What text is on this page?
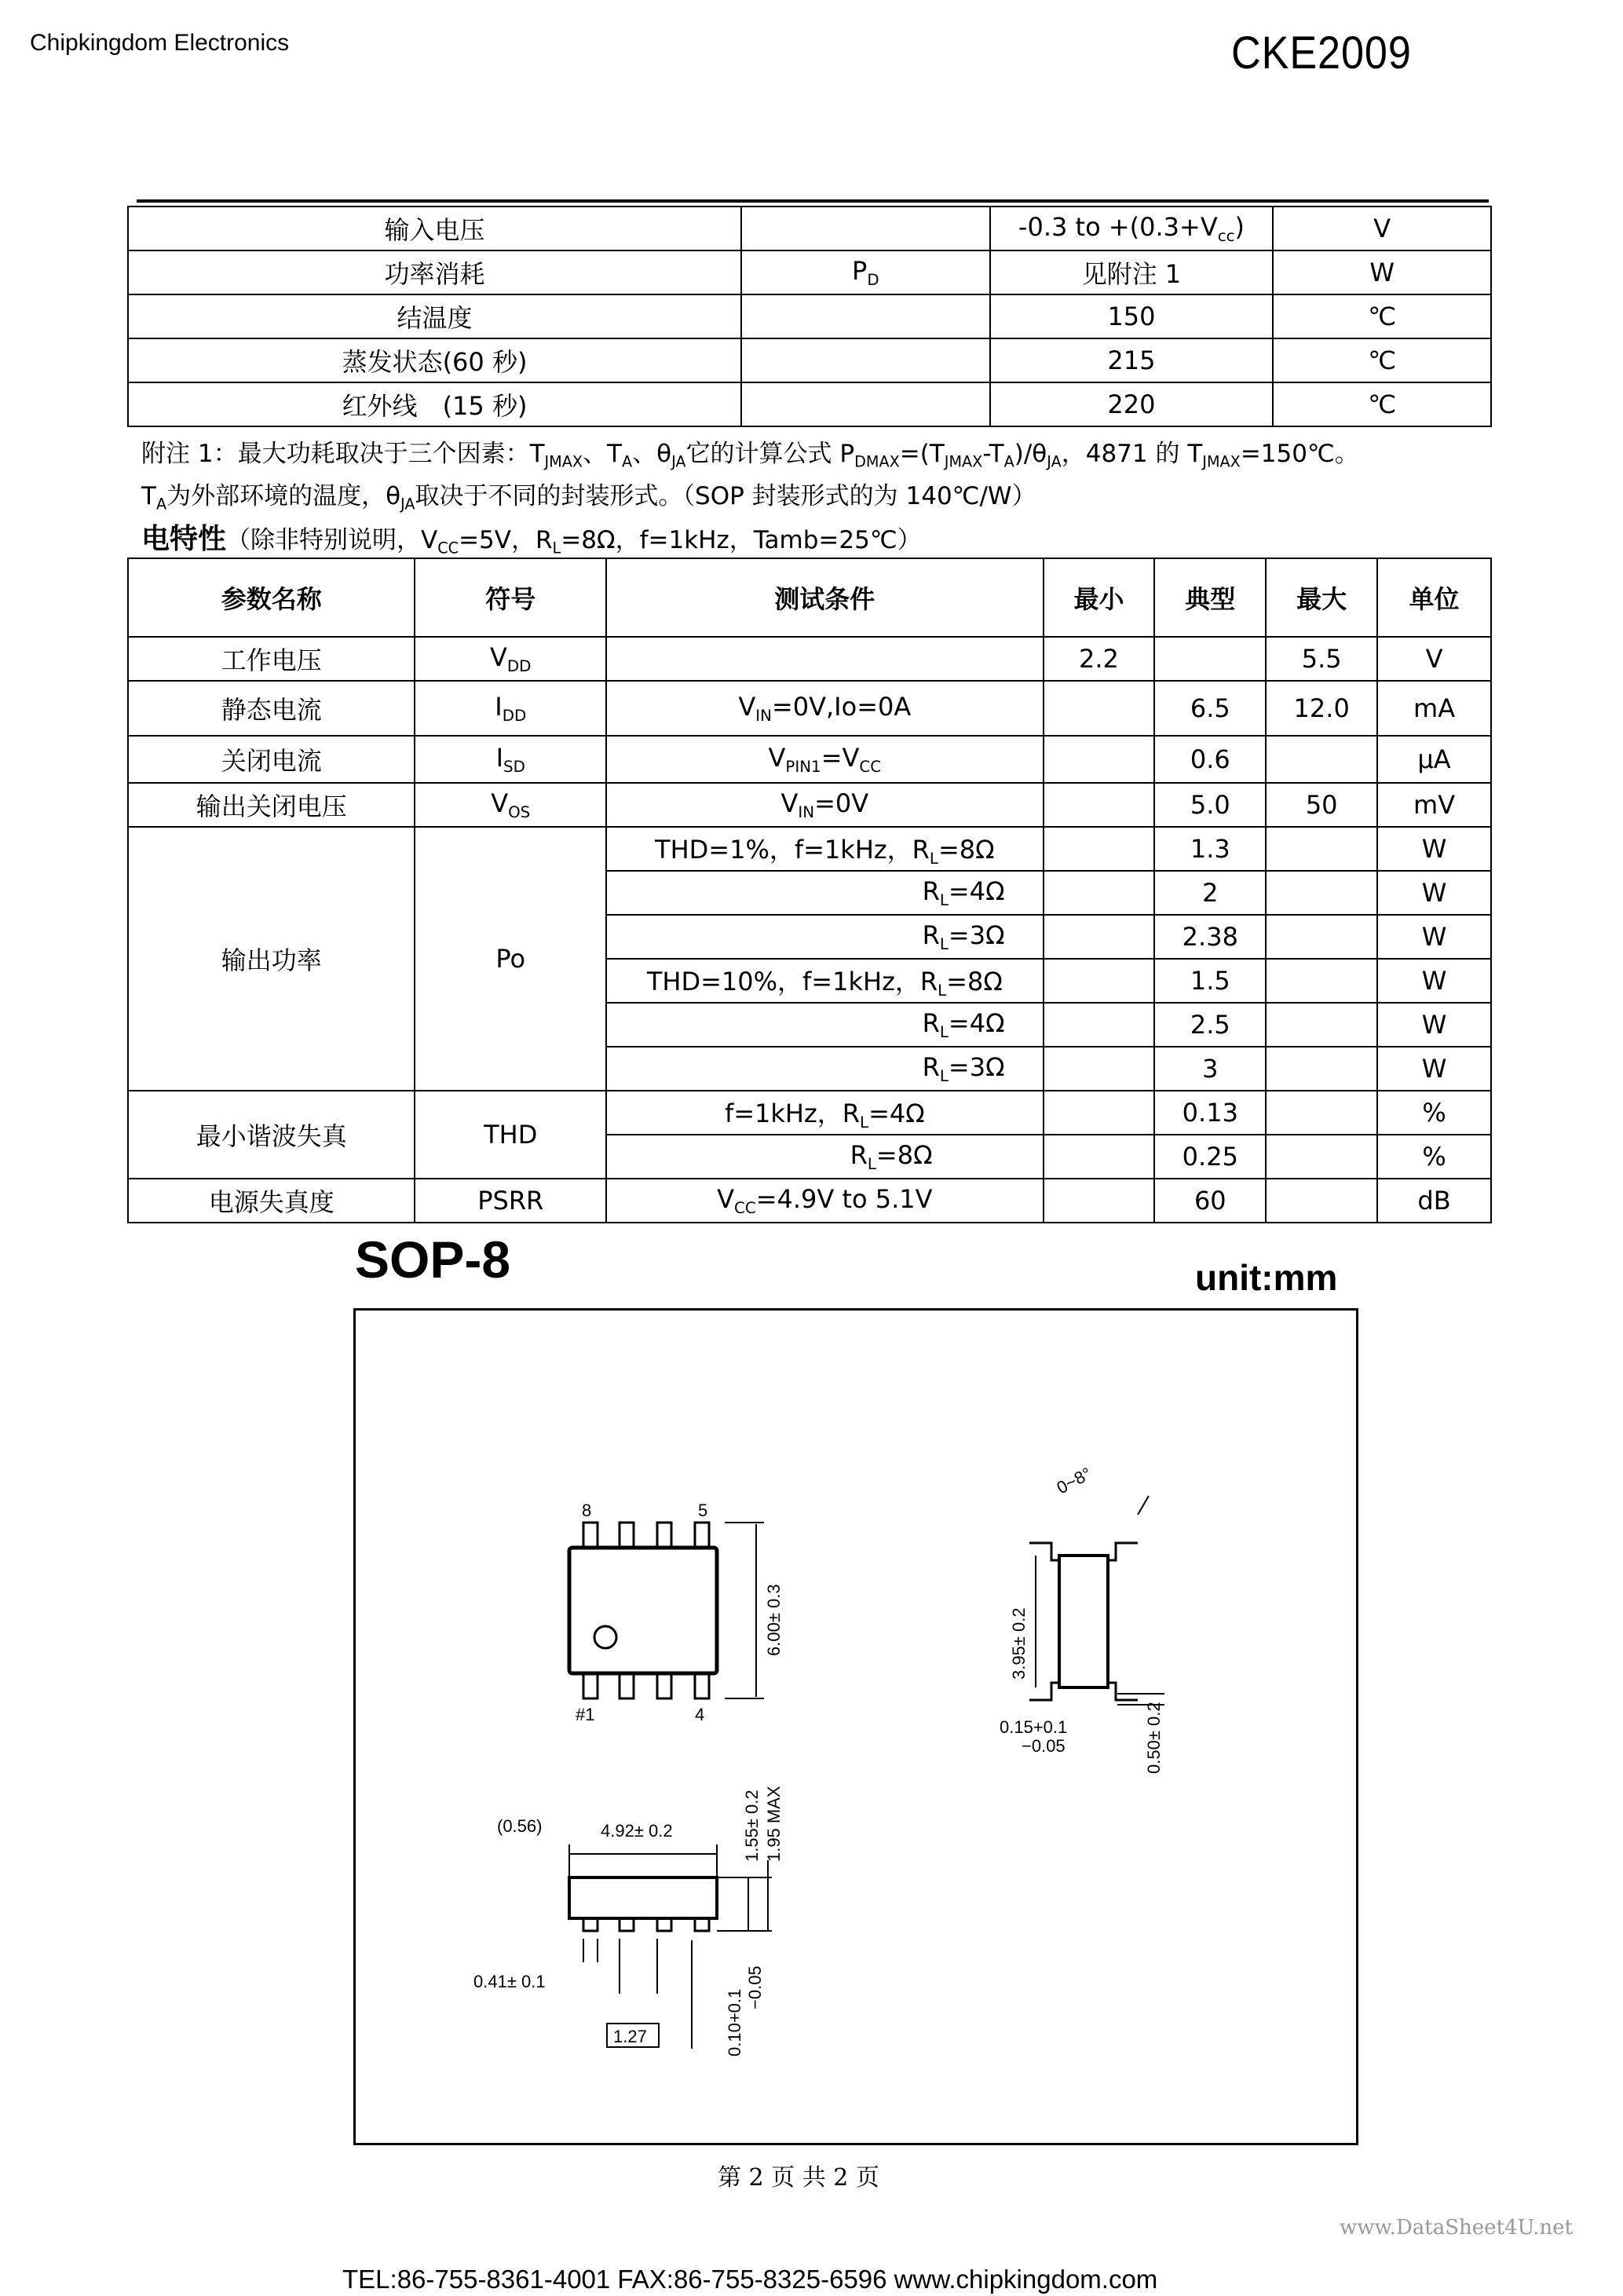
Chipkingdom Electronics	CKE2009
输入电压		-0.3 to $+(0.3+V_{cc})$	V
功率消耗	$P_D$	见附注 1	W
结温度		150	℃
蒸发状态(60 秒)		215	℃
红外线　(15 秒)		220	℃
附注 1：最大功耗取决于三个因素：$T_{JMAX}$、$T_A$、$\theta_{JA}$它的计算公式 $P_{DMAX}=(T_{JMAX}-T_A)/\theta_{JA}$，4871 的 $T_{JMAX}=150℃$。
$T_A$为外部环境的温度，$\theta_{JA}$取决于不同的封装形式。（SOP 封装形式的为 140℃/W）
电特性（除非特别说明，$V_{CC}=5V$，$R_L=8\Omega$，f=1kHz，Tamb=25℃）
参数名称	符号	测试条件	最小	典型	最大	单位
工作电压	$V_{DD}$		2.2		5.5	V
静态电流	$I_{DD}$	$V_{IN}=0V,Io=0A$		6.5	12.0	mA
关闭电流	$I_{SD}$	$V_{PIN1}=V_{CC}$		0.6		μA
输出关闭电压	$V_{OS}$	$V_{IN}=0V$		5.0	50	mV
输出功率	Po	THD=1%，f=1kHz，$R_L=8\Omega$		1.3		W
		$R_L=4\Omega$		2		W
		$R_L=3\Omega$		2.38		W
		THD=10%，f=1kHz，$R_L=8\Omega$		1.5		W
		$R_L=4\Omega$		2.5		W
		$R_L=3\Omega$		3		W
最小谐波失真	THD	f=1kHz，$R_L=4\Omega$		0.13		%
		$R_L=8\Omega$		0.25		%
电源失真度	PSRR	$V_{CC}=4.9V$ to 5.1V		60		dB
SOP-8	unit:mm
8	5
#1	4
6.00± 0.3
0~8°
3.95± 0.2
0.15+0.1
−0.05	0.50± 0.2
4.92± 0.2
(0.56)	1.55± 0.2 1.95 MAX
0.41± 0.1
1.27	0.10+0.1
−0.05
第 2 页 共 2 页
www.DataSheet4U.net
TEL:86-755-8361-4001 FAX:86-755-8325-6596 www.chipkingdom.com
